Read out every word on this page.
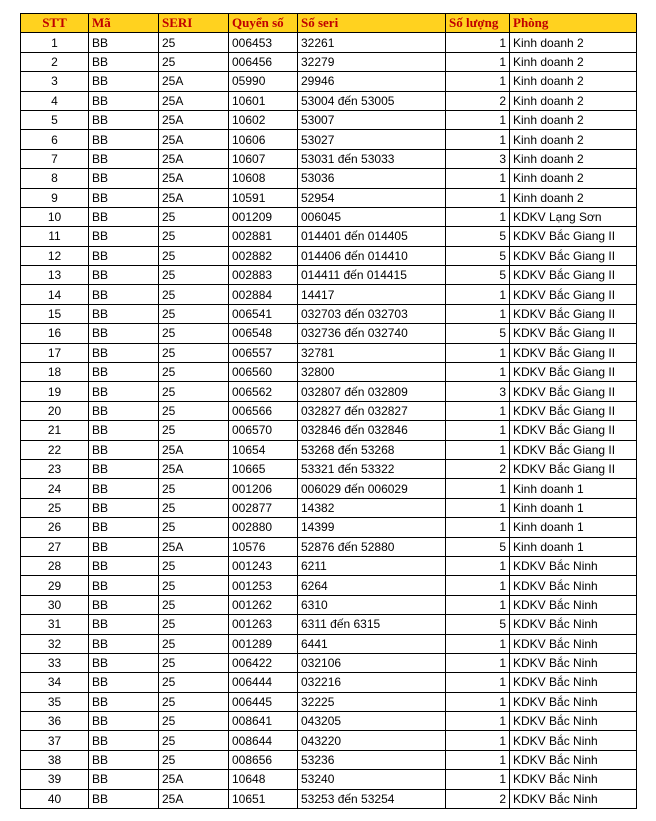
STT	Mã	SERI	Quyển số	Số seri	Số lượng	Phòng
1	BB	25	006453	32261	1	Kinh doanh 2
2	BB	25	006456	32279	1	Kinh doanh 2
3	BB	25A	05990	29946	1	Kinh doanh 2
4	BB	25A	10601	53004 đến 53005	2	Kinh doanh 2
5	BB	25A	10602	53007	1	Kinh doanh 2
6	BB	25A	10606	53027	1	Kinh doanh 2
7	BB	25A	10607	53031 đến 53033	3	Kinh doanh 2
8	BB	25A	10608	53036	1	Kinh doanh 2
9	BB	25A	10591	52954	1	Kinh doanh 2
10	BB	25	001209	006045	1	KDKV Lạng Sơn
11	BB	25	002881	014401 đến 014405	5	KDKV Bắc Giang II
12	BB	25	002882	014406 đến 014410	5	KDKV Bắc Giang II
13	BB	25	002883	014411 đến 014415	5	KDKV Bắc Giang II
14	BB	25	002884	14417	1	KDKV Bắc Giang II
15	BB	25	006541	032703 đến 032703	1	KDKV Bắc Giang II
16	BB	25	006548	032736 đến 032740	5	KDKV Bắc Giang II
17	BB	25	006557	32781	1	KDKV Bắc Giang II
18	BB	25	006560	32800	1	KDKV Bắc Giang II
19	BB	25	006562	032807 đến 032809	3	KDKV Bắc Giang II
20	BB	25	006566	032827 đến 032827	1	KDKV Bắc Giang II
21	BB	25	006570	032846 đến 032846	1	KDKV Bắc Giang II
22	BB	25A	10654	53268 đến 53268	1	KDKV Bắc Giang II
23	BB	25A	10665	53321 đến 53322	2	KDKV Bắc Giang II
24	BB	25	001206	006029 đến 006029	1	Kinh doanh 1
25	BB	25	002877	14382	1	Kinh doanh 1
26	BB	25	002880	14399	1	Kinh doanh 1
27	BB	25A	10576	52876 đến 52880	5	Kinh doanh 1
28	BB	25	001243	6211	1	KDKV Bắc Ninh
29	BB	25	001253	6264	1	KDKV Bắc Ninh
30	BB	25	001262	6310	1	KDKV Bắc Ninh
31	BB	25	001263	6311 đến 6315	5	KDKV Bắc Ninh
32	BB	25	001289	6441	1	KDKV Bắc Ninh
33	BB	25	006422	032106	1	KDKV Bắc Ninh
34	BB	25	006444	032216	1	KDKV Bắc Ninh
35	BB	25	006445	32225	1	KDKV Bắc Ninh
36	BB	25	008641	043205	1	KDKV Bắc Ninh
37	BB	25	008644	043220	1	KDKV Bắc Ninh
38	BB	25	008656	53236	1	KDKV Bắc Ninh
39	BB	25A	10648	53240	1	KDKV Bắc Ninh
40	BB	25A	10651	53253 đến 53254	2	KDKV Bắc Ninh
